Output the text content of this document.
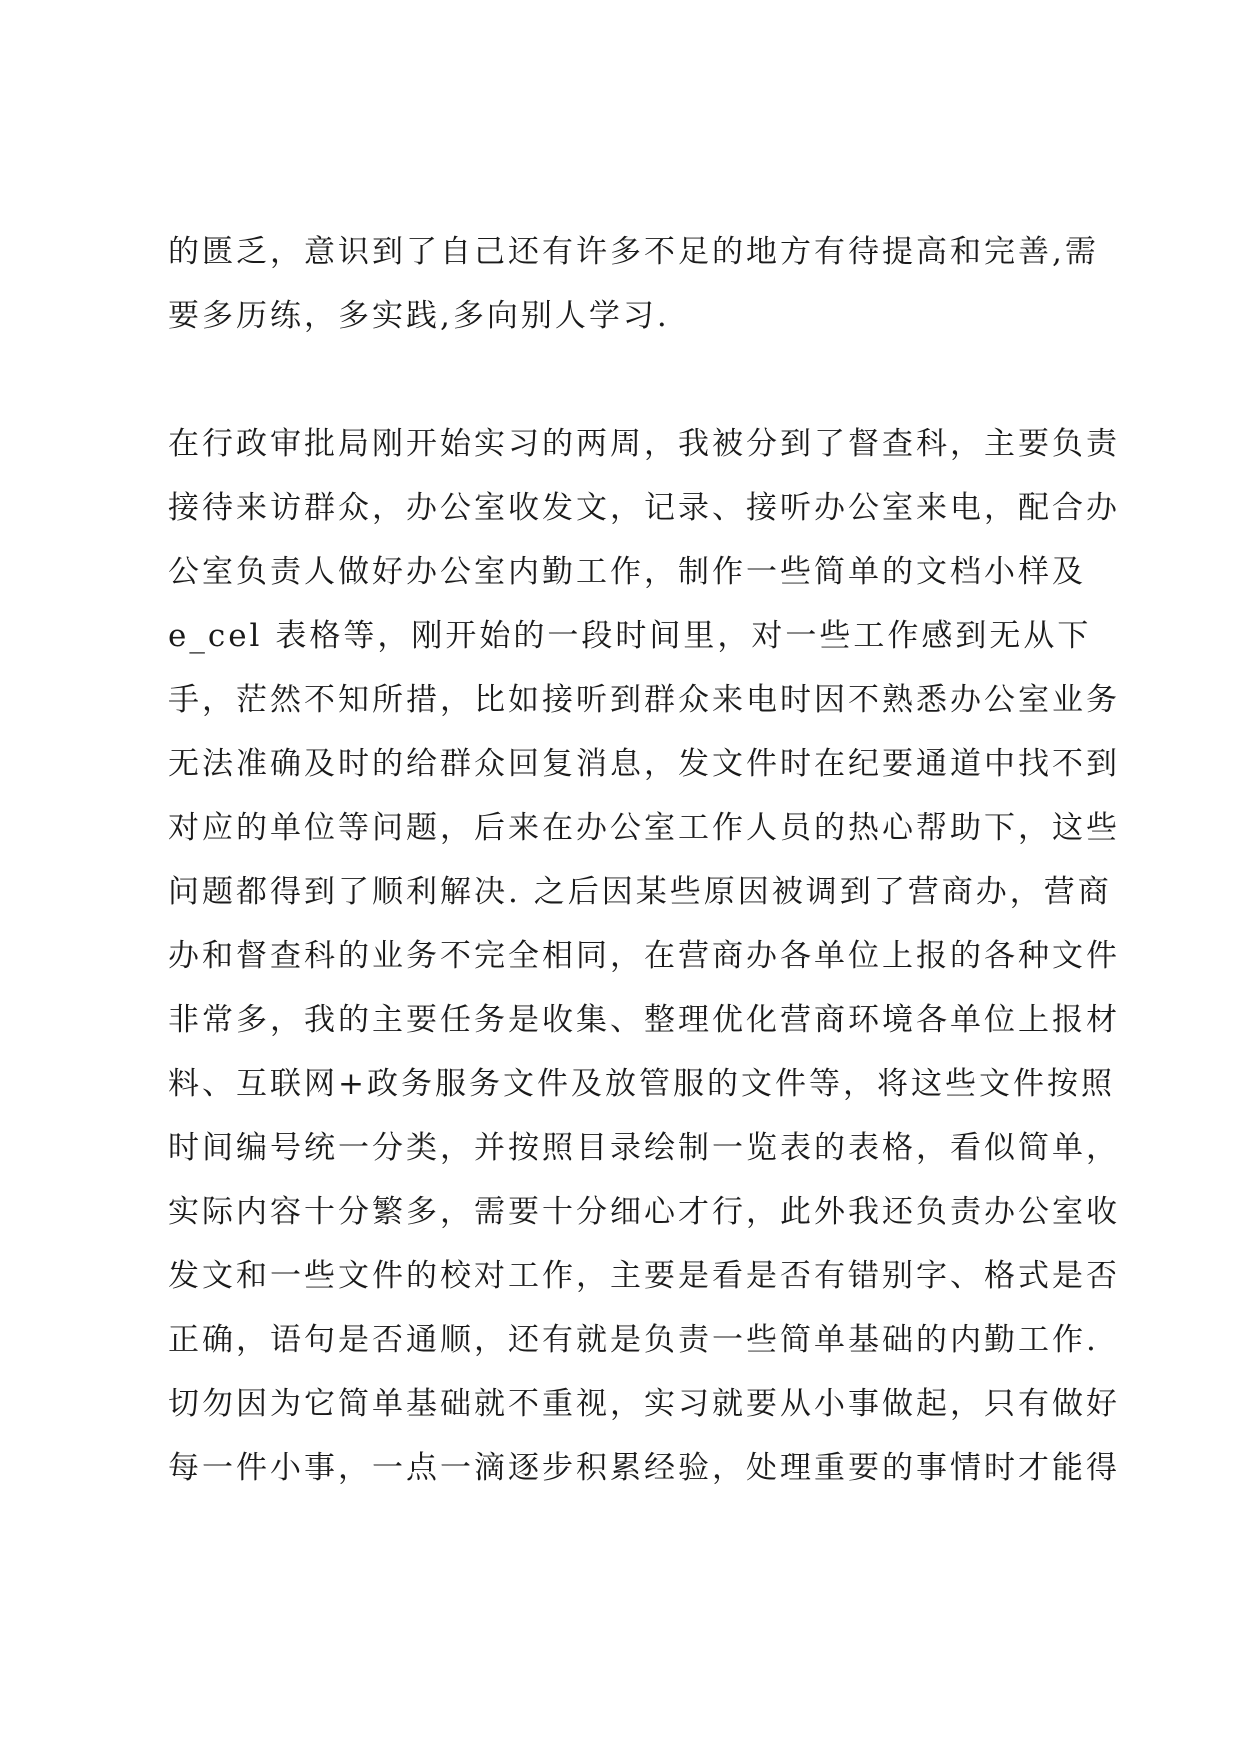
的匮乏，意识到了自己还有许多不足的地方有待提高和完善,需
要多历练，多实践,多向别人学习.
在行政审批局刚开始实习的两周，我被分到了督查科，主要负责
接待来访群众，办公室收发文，记录、接听办公室来电，配合办
公室负责人做好办公室内勤工作，制作一些简单的文档小样及
e_cel 表格等，刚开始的一段时间里，对一些工作感到无从下
手，茫然不知所措，比如接听到群众来电时因不熟悉办公室业务
无法准确及时的给群众回复消息，发文件时在纪要通道中找不到
对应的单位等问题，后来在办公室工作人员的热心帮助下，这些
问题都得到了顺利解决. 之后因某些原因被调到了营商办，营商
办和督查科的业务不完全相同，在营商办各单位上报的各种文件
非常多，我的主要任务是收集、整理优化营商环境各单位上报材
料、互联网+政务服务文件及放管服的文件等，将这些文件按照
时间编号统一分类，并按照目录绘制一览表的表格，看似简单，
实际内容十分繁多，需要十分细心才行，此外我还负责办公室收
发文和一些文件的校对工作，主要是看是否有错别字、格式是否
正确，语句是否通顺，还有就是负责一些简单基础的内勤工作.
切勿因为它简单基础就不重视，实习就要从小事做起，只有做好
每一件小事，一点一滴逐步积累经验，处理重要的事情时才能得
